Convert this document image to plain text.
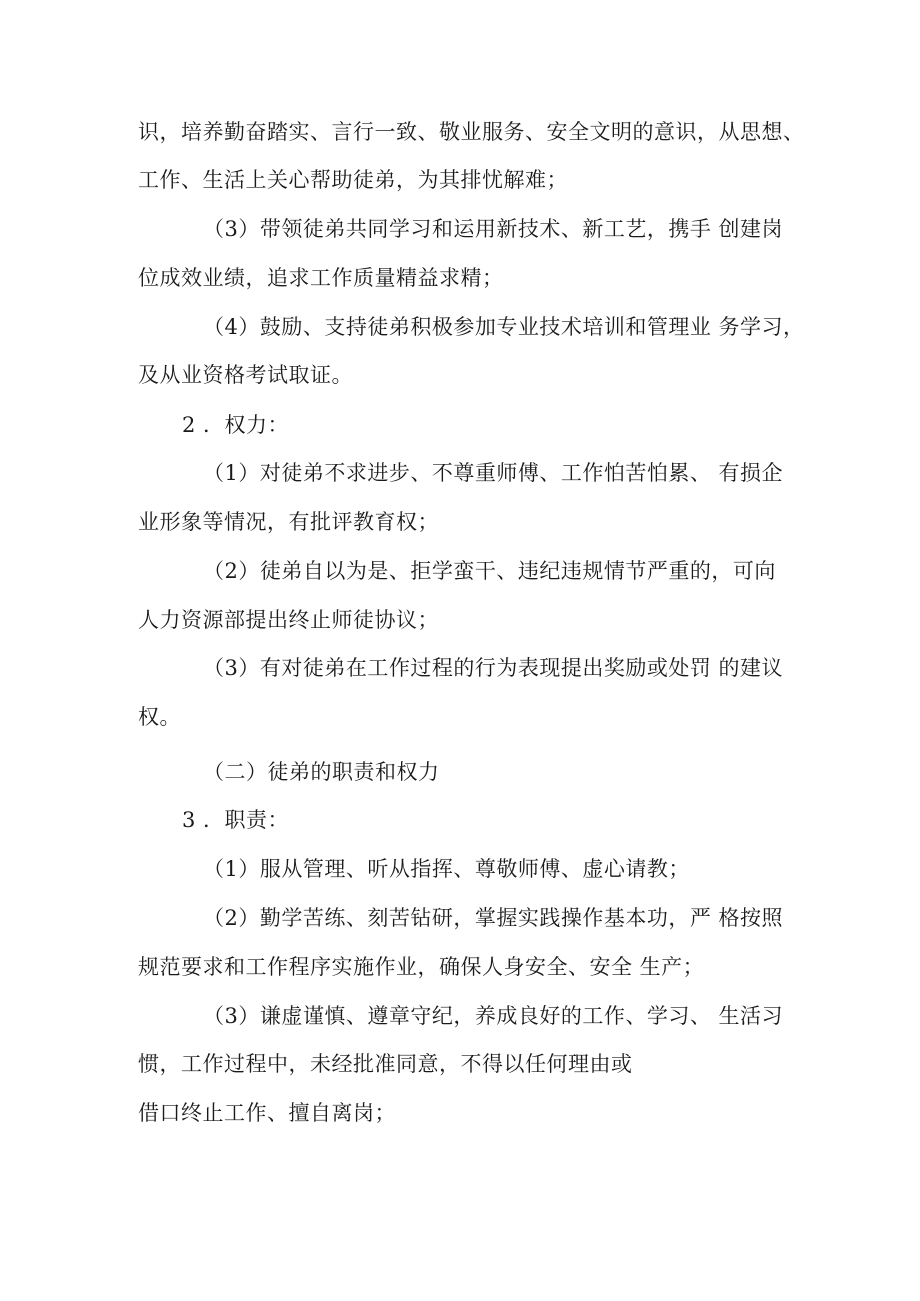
识，培养勤奋踏实、言行一致、敬业服务、安全文明的意识，从思想、

工作、生活上关心帮助徒弟，为其排忧解难；

（3）带领徒弟共同学习和运用新技术、新工艺，携手 创建岗

位成效业绩，追求工作质量精益求精；

（4）鼓励、支持徒弟积极参加专业技术培训和管理业 务学习，

及从业资格考试取证。

2 ．权力：

（1）对徒弟不求进步、不尊重师傅、工作怕苦怕累、 有损企

业形象等情况，有批评教育权；

（2）徒弟自以为是、拒学蛮干、违纪违规情节严重的，可向

人力资源部提出终止师徒协议；

（3）有对徒弟在工作过程的行为表现提出奖励或处罚 的建议

权。

（二）徒弟的职责和权力

3 ．职责：

（1）服从管理、听从指挥、尊敬师傅、虚心请教；

（2）勤学苦练、刻苦钻研，掌握实践操作基本功，严 格按照

规范要求和工作程序实施作业，确保人身安全、安全 生产；

（3）谦虚谨慎、遵章守纪，养成良好的工作、学习、 生活习

惯，工作过程中，未经批准同意，不得以任何理由或

借口终止工作、擅自离岗；
